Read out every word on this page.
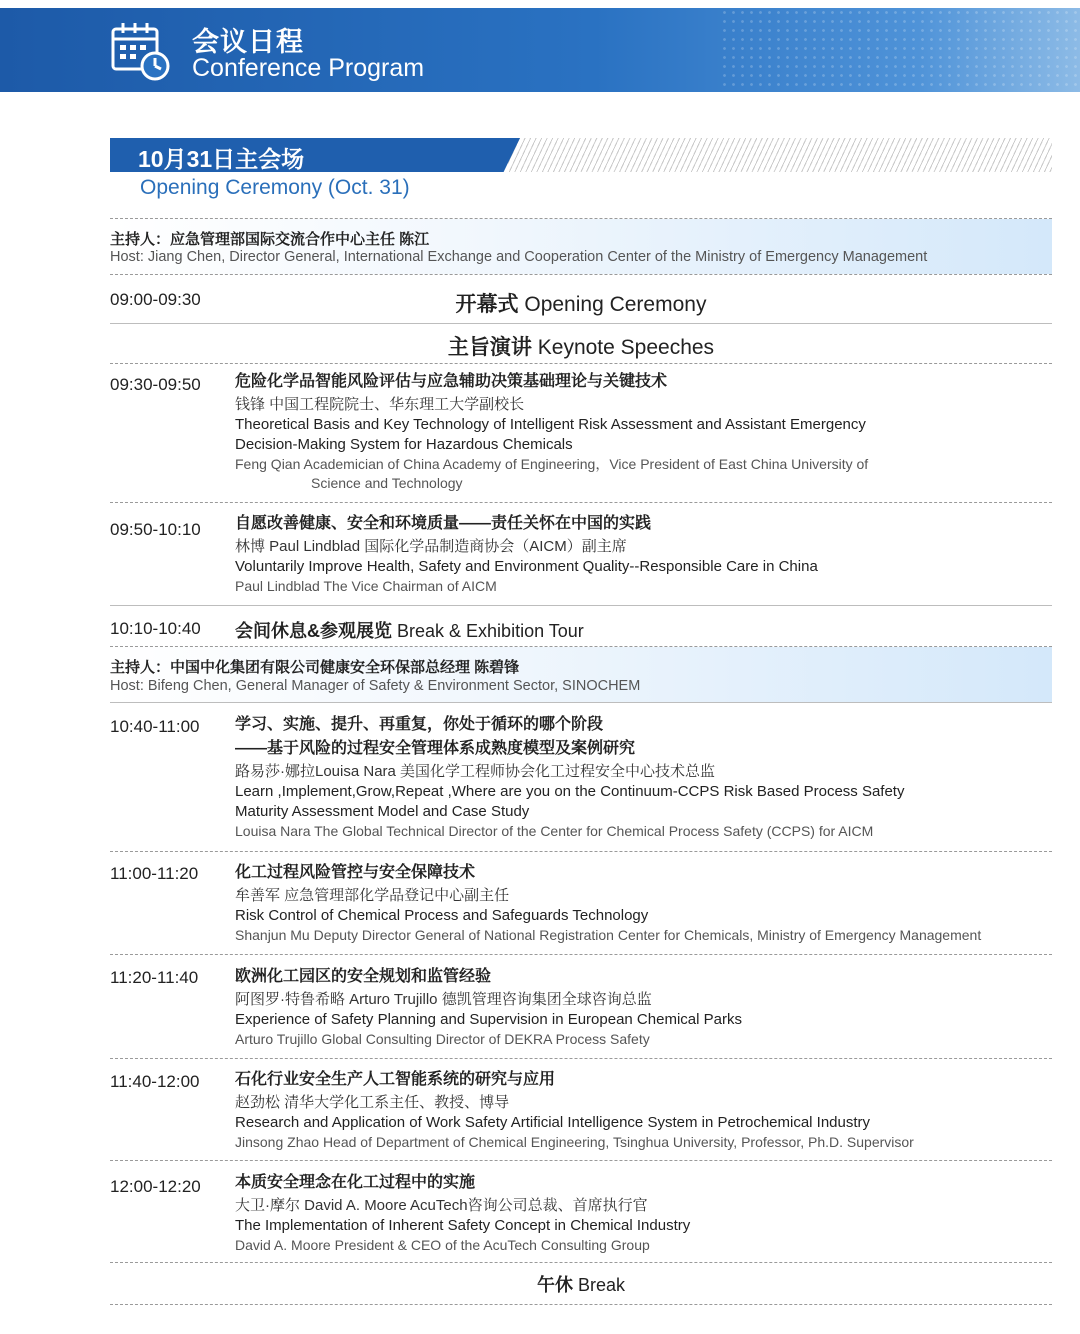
会议日程
Conference Program
10月31日主会场
Opening Ceremony (Oct. 31)
主持人：应急管理部国际交流合作中心主任 陈江
Host: Jiang Chen, Director General, International Exchange and Cooperation Center of the Ministry of Emergency Management
09:00-09:30	开幕式 Opening Ceremony
主旨演讲 Keynote Speeches
09:30-09:50 危险化学品智能风险评估与应急辅助决策基础理论与关键技术
钱锋 中国工程院院士、华东理工大学副校长
Theoretical Basis and Key Technology of Intelligent Risk Assessment and Assistant Emergency
Decision-Making System for Hazardous Chemicals
Feng Qian Academician of China Academy of Engineering，Vice President of East China University of
Science and Technology
09:50-10:10 自愿改善健康、安全和环境质量——责任关怀在中国的实践
林博 Paul Lindblad 国际化学品制造商协会（AICM）副主席
Voluntarily Improve Health, Safety and Environment Quality--Responsible Care in China
Paul Lindblad The Vice Chairman of AICM
10:10-10:40 会间休息&参观展览 Break & Exhibition Tour
主持人：中国中化集团有限公司健康安全环保部总经理 陈碧锋
Host: Bifeng Chen, General Manager of Safety & Environment Sector, SINOCHEM
10:40-11:00 学习、实施、提升、再重复，你处于循环的哪个阶段
——基于风险的过程安全管理体系成熟度模型及案例研究
路易莎·娜拉Louisa Nara 美国化学工程师协会化工过程安全中心技术总监
Learn ,Implement,Grow,Repeat ,Where are you on the Continuum-CCPS Risk Based Process Safety
Maturity Assessment Model and Case Study
Louisa Nara The Global Technical Director of the Center for Chemical Process Safety (CCPS) for AICM
11:00-11:20 化工过程风险管控与安全保障技术
牟善军 应急管理部化学品登记中心副主任
Risk Control of Chemical Process and Safeguards Technology
Shanjun Mu Deputy Director General of National Registration Center for Chemicals, Ministry of Emergency Management
11:20-11:40 欧洲化工园区的安全规划和监管经验
阿图罗·特鲁希略 Arturo Trujillo 德凯管理咨询集团全球咨询总监
Experience of Safety Planning and Supervision in European Chemical Parks
Arturo Trujillo Global Consulting Director of DEKRA Process Safety
11:40-12:00 石化行业安全生产人工智能系统的研究与应用
赵劲松 清华大学化工系主任、教授、博导
Research and Application of Work Safety Artificial Intelligence System in Petrochemical Industry
Jinsong Zhao Head of Department of Chemical Engineering, Tsinghua University, Professor, Ph.D. Supervisor
12:00-12:20 本质安全理念在化工过程中的实施
大卫·摩尔 David A. Moore AcuTech咨询公司总裁、首席执行官
The Implementation of Inherent Safety Concept in Chemical Industry
David A. Moore President & CEO of the AcuTech Consulting Group
午休 Break
